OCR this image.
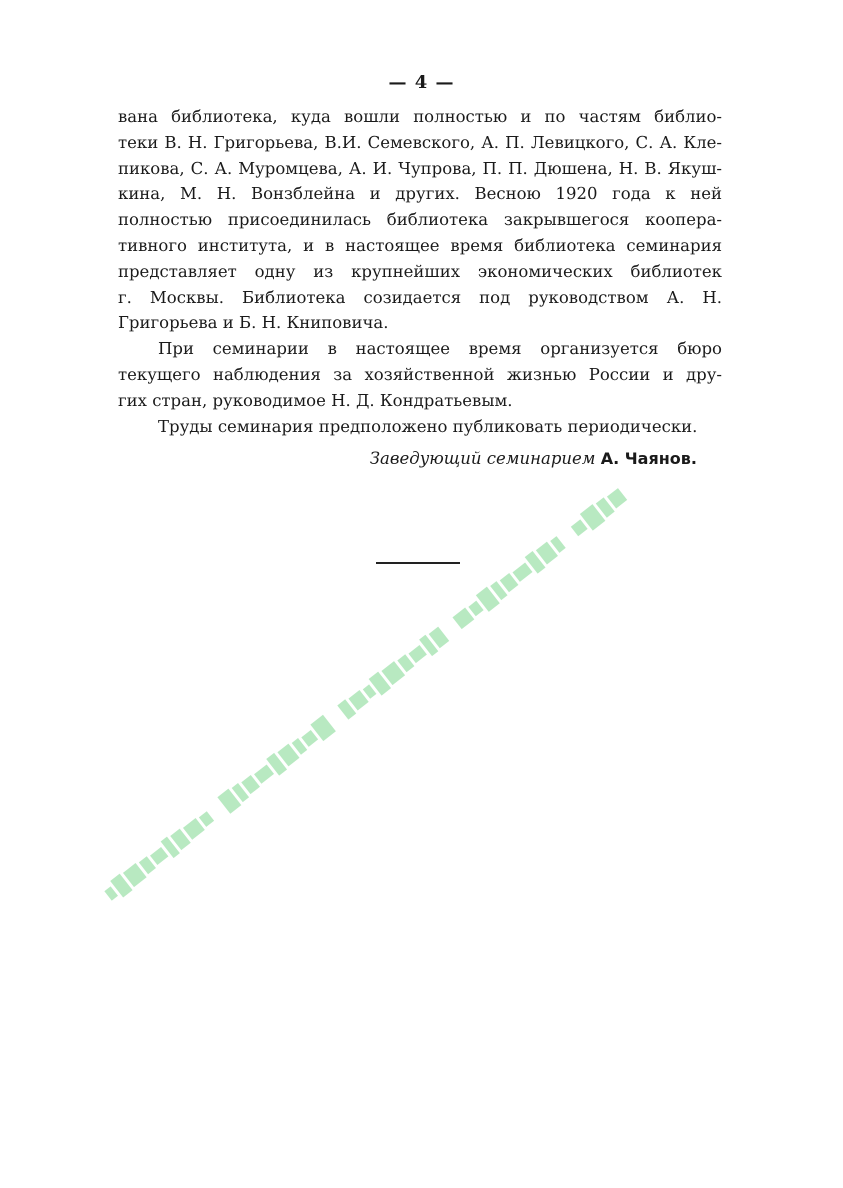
— 4 —

вана библиотека, куда вошли полностью и по частям библио-
теки В. Н. Григорьева, В.И. Семевского, А. П. Левицкого, С. А. Кле-
пикова, С. А. Муромцева, А. И. Чупрова, П. П. Дюшена, Н. В. Якуш-
кина, М. Н. Вонзблейна и других. Весною 1920 года к ней
полностью присоединилась библиотека закрывшегося коопера-
тивного института, и в настоящее время библиотека семинария
представляет одну из крупнейших экономических библиотек
г. Москвы. Библиотека созидается под руководством А. Н.
Григорьева и Б. Н. Книповича.

При семинарии в настоящее время организуется бюро
текущего наблюдения за хозяйственной жизнью России и дру-
гих стран, руководимое Н. Д. Кондратьевым.

Труды семинария предположено публиковать периодически.

Заведующий семинарием А. Чаянов.
